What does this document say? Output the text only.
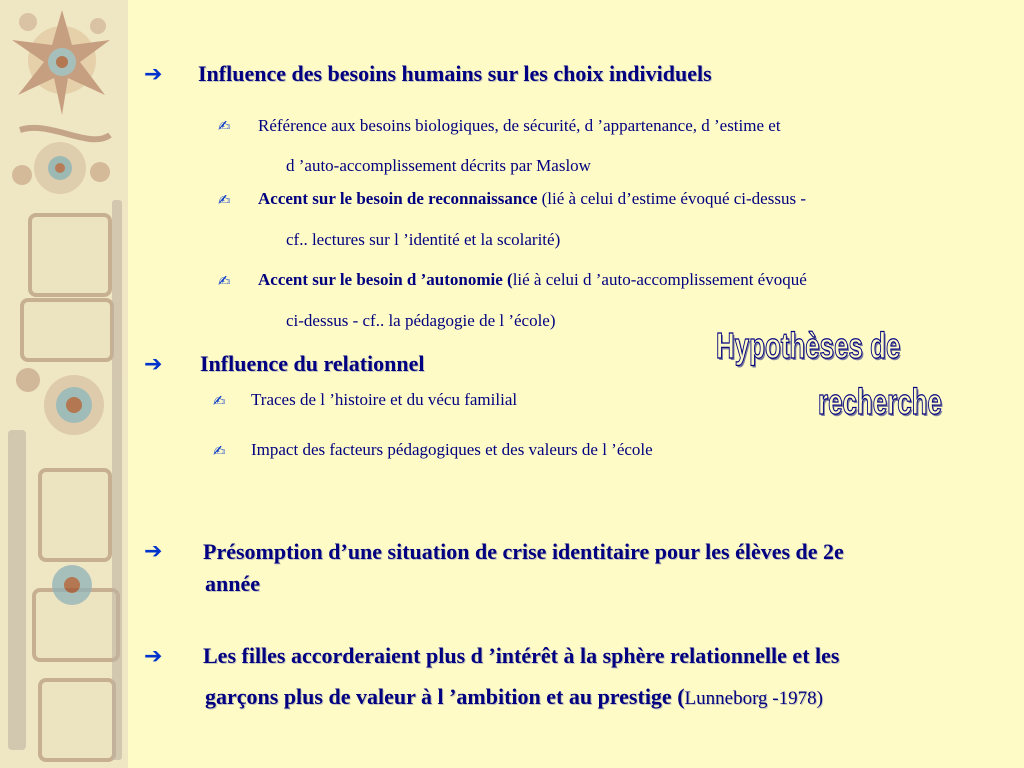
➔ Influence des besoins humains sur les choix individuels
✍ Référence aux besoins biologiques, de sécurité, d ’appartenance, d ’estime et
d ’auto-accomplissement décrits par Maslow
✍ Accent sur le besoin de reconnaissance (lié à celui d’estime évoqué ci-dessus -
cf.. lectures sur l ’identité et la scolarité)
✍ Accent sur le besoin d ’autonomie (lié à celui d ’auto-accomplissement évoqué
ci-dessus - cf.. la pédagogie de l ’école)
➔ Influence du relationnel
✍ Traces de l ’histoire et du vécu familial
✍ Impact des facteurs pédagogiques et des valeurs de l ’école
Hypothèses de
recherche
➔ Présomption d’une situation de crise identitaire pour les élèves de 2e
année
➔ Les filles accorderaient plus d ’intérêt à la sphère relationnelle et les
garçons plus de valeur à l ’ambition et au prestige (Lunneborg -1978)
